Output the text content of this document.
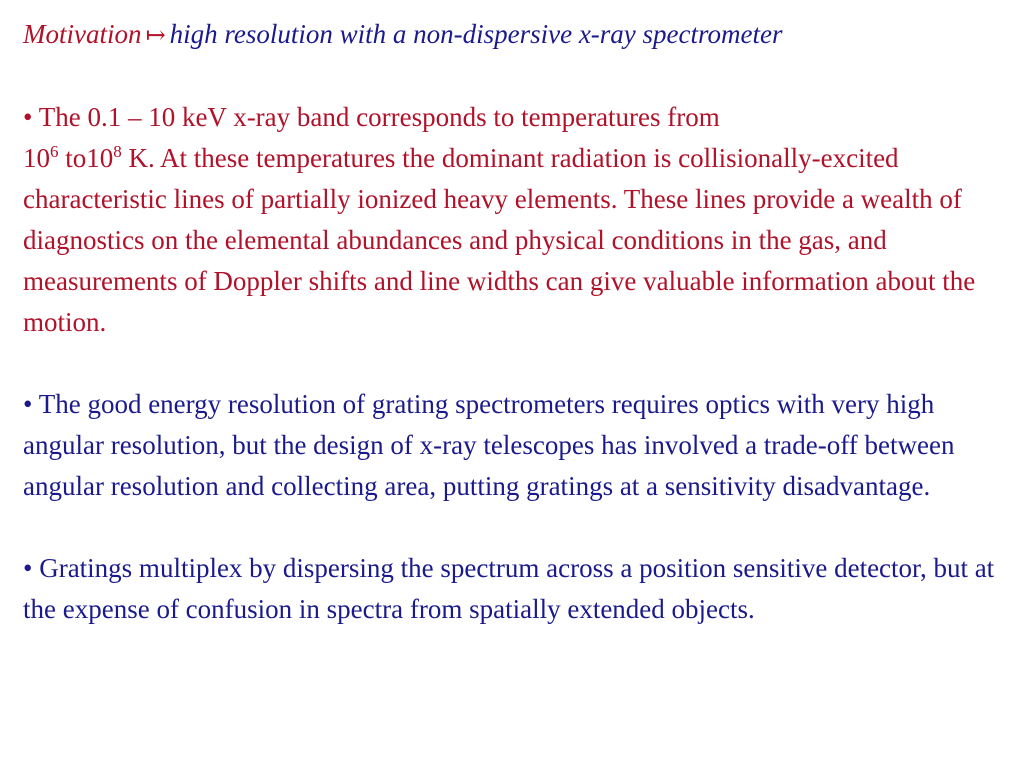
Motivation ↦ high resolution with a non-dispersive x-ray spectrometer

• The 0.1 – 10 keV x-ray band corresponds to temperatures from
$10^6$ $to10^8$ K. At these temperatures the dominant radiation is collisionally-excited characteristic lines of partially ionized heavy elements. These lines provide a wealth of diagnostics on the elemental abundances and physical conditions in the gas, and measurements of Doppler shifts and line widths can give valuable information about the motion.

• The good energy resolution of grating spectrometers requires optics with very high angular resolution, but the design of x-ray telescopes has involved a trade-off between angular resolution and collecting area, putting gratings at a sensitivity disadvantage.

• Gratings multiplex by dispersing the spectrum across a position sensitive detector, but at the expense of confusion in spectra from spatially extended objects.
